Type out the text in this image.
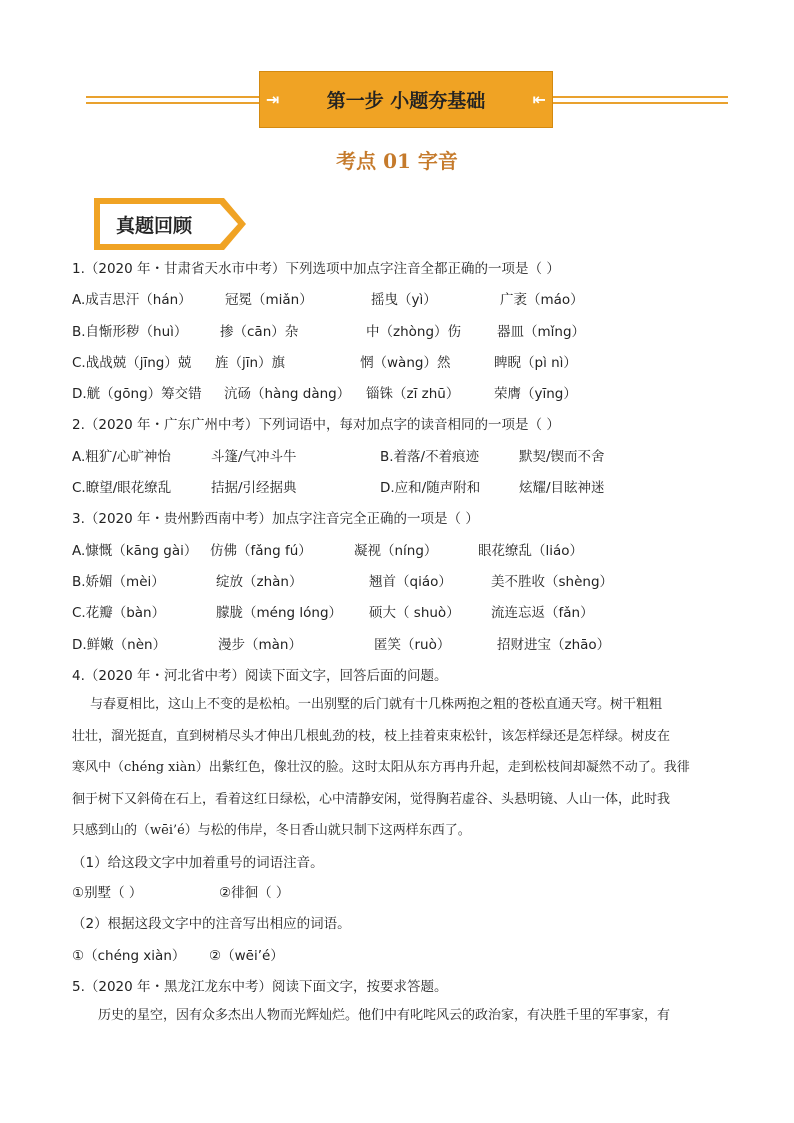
⇥ 第一步 小题夯基础	⇤
考点 01 字音
真题回顾
1.（2020 年・甘肃省天水市中考）下列选项中加点字注音全都正确的一项是（ ）
A.成吉思汗（hán） 冠冕（miǎn）	摇曳（yì）	广袤（máo）
B.自惭形秽（huì） 掺（cān）杂	中（zhòng）伤	器皿（mǐng）
C.战战兢（jīng）兢 旌（jīn）旗	惘（wàng）然	睥睨（pì nì）
D.觥（gōng）筹交错 沆砀（hàng dàng） 锱铢（zī zhū）	荣膺（yīng）
2.（2020 年・广东广州中考）下列词语中，每对加点字的读音相同的一项是（ ）
A.粗犷/心旷神怡	斗篷/气冲斗牛	B.着落/不着痕迹	默契/锲而不舍
C.瞭望/眼花缭乱	拮据/引经据典	D.应和/随声附和	炫耀/目眩神迷
3.（2020 年・贵州黔西南中考）加点字注音完全正确的一项是（ ）
A.慷慨（kāng gài） 仿佛（fǎng fú）	凝视（níng）	眼花缭乱（liáo）
B.娇媚（mèi）	绽放（zhàn）	翘首（qiáo）	美不胜收（shèng）
C.花瓣（bàn）	朦胧（méng lóng） 硕大（ shuò） 流连忘返（fǎn）
D.鲜嫩（nèn）	漫步（màn）	匿笑（ruò）	招财进宝（zhāo）
4.（2020 年・河北省中考）阅读下面文字，回答后面的问题。
与春夏相比，这山上不变的是松柏。一出别墅的后门就有十几株两抱之粗的苍松直通天穹。树干粗粗
壮壮，溜光挺直，直到树梢尽头才伸出几根虬劲的枝，枝上挂着束束松针，该怎样绿还是怎样绿。树皮在
寒风中（chéng xiàn）出紫红色，像壮汉的脸。这时太阳从东方再冉升起，走到松枝间却凝然不动了。我徘
徊于树下又斜倚在石上，看着这红日绿松，心中清静安闲，觉得胸若虚谷、头悬明镜、人山一体，此时我
只感到山的（wēi’é）与松的伟岸，冬日香山就只制下这两样东西了。
（1）给这段文字中加着重号的词语注音。
①别墅（ ）	②徘徊（ ）
（2）根据这段文字中的注音写出相应的词语。
①（chéng xiàn） ②（wēi’é）
5.（2020 年・黑龙江龙东中考）阅读下面文字，按要求答题。
历史的星空，因有众多杰出人物而光辉灿烂。他们中有叱咤风云的政治家，有决胜千里的军事家，有
